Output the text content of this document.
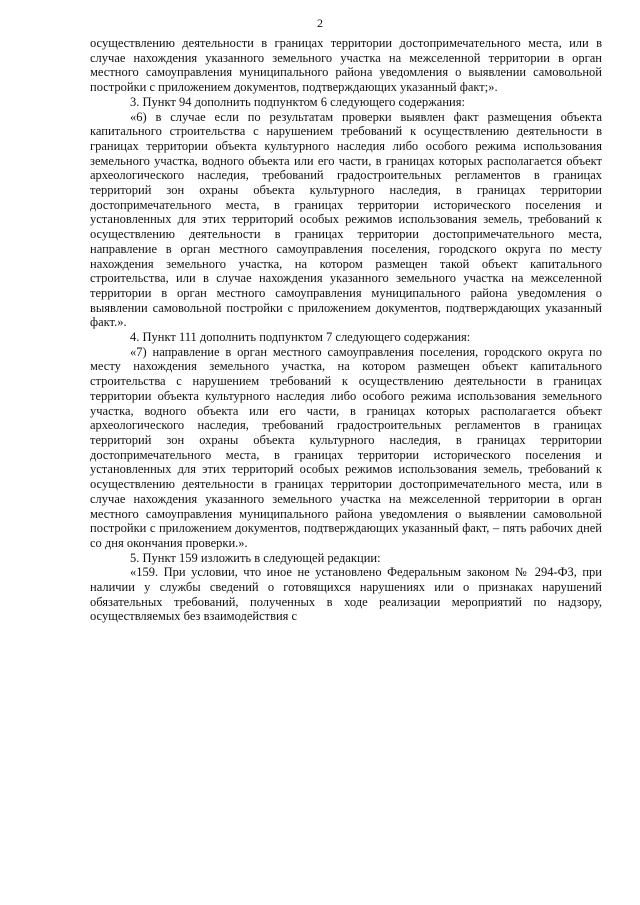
2

осуществлению деятельности в границах территории достопримечательного места, или в случае нахождения указанного земельного участка на межселенной территории в орган местного самоуправления муниципального района уведомления о выявлении самовольной постройки с приложением документов, подтверждающих указанный факт;».

3. Пункт 94 дополнить подпунктом 6 следующего содержания:

«6) в случае если по результатам проверки выявлен факт размещения объекта капитального строительства с нарушением требований к осуществлению деятельности в границах территории объекта культурного наследия либо особого режима использования земельного участка, водного объекта или его части, в границах которых располагается объект археологического наследия, требований градостроительных регламентов в границах территорий зон охраны объекта культурного наследия, в границах территории достопримечательного места, в границах территории исторического поселения и установленных для этих территорий особых режимов использования земель, требований к осуществлению деятельности в границах территории достопримечательного места, направление в орган местного самоуправления поселения, городского округа по месту нахождения земельного участка, на котором размещен такой объект капитального строительства, или в случае нахождения указанного земельного участка на межселенной территории в орган местного самоуправления муниципального района уведомления о выявлении самовольной постройки с приложением документов, подтверждающих указанный факт.».

4. Пункт 111 дополнить подпунктом 7 следующего содержания:

«7) направление в орган местного самоуправления поселения, городского округа по месту нахождения земельного участка, на котором размещен объект капитального строительства с нарушением требований к осуществлению деятельности в границах территории объекта культурного наследия либо особого режима использования земельного участка, водного объекта или его части, в границах которых располагается объект археологического наследия, требований градостроительных регламентов в границах территорий зон охраны объекта культурного наследия, в границах территории достопримечательного места, в границах территории исторического поселения и установленных для этих территорий особых режимов использования земель, требований к осуществлению деятельности в границах территории достопримечательного места, или в случае нахождения указанного земельного участка на межселенной территории в орган местного самоуправления муниципального района уведомления о выявлении самовольной постройки с приложением документов, подтверждающих указанный факт, – пять рабочих дней со дня окончания проверки.».

5. Пункт 159 изложить в следующей редакции:

«159. При условии, что иное не установлено Федеральным законом № 294-ФЗ, при наличии у службы сведений о готовящихся нарушениях или о признаках нарушений обязательных требований, полученных в ходе реализации мероприятий по надзору, осуществляемых без взаимодействия с
